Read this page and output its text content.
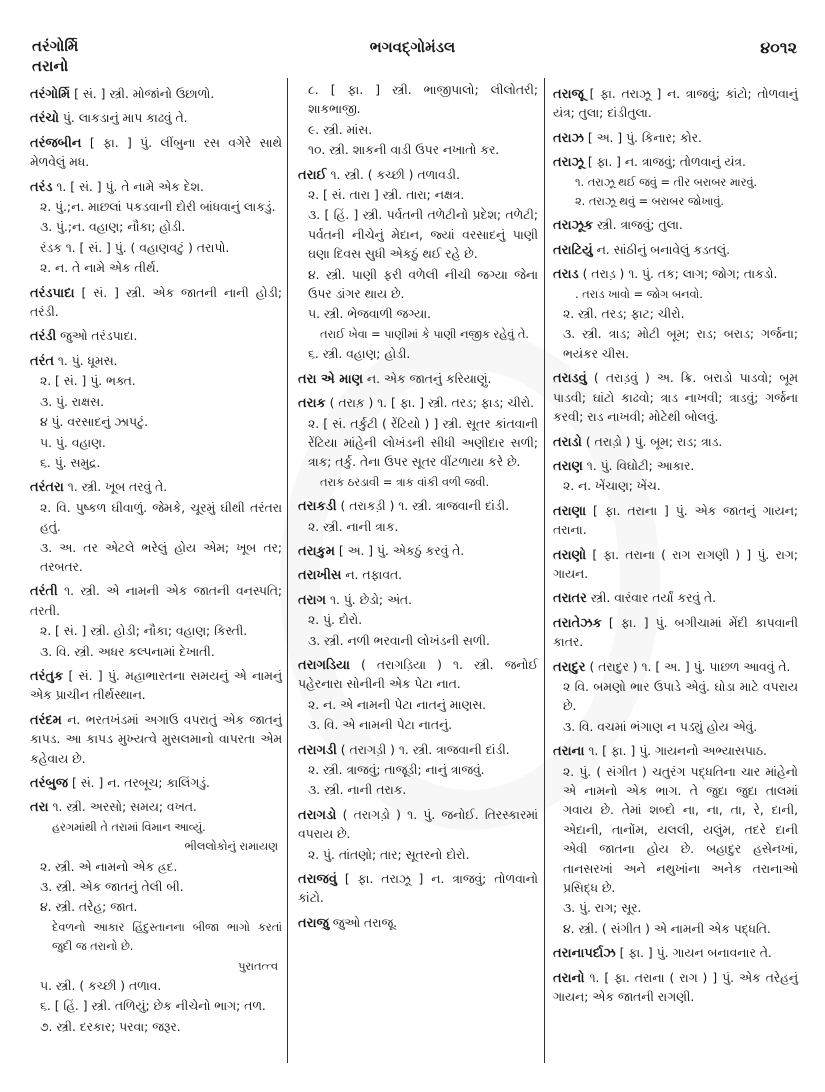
તરંગોર્મિ
તરાનો
ભગવદ્ગોમંડલ	૪૦૧૨
તરંગોર્મિ [ સં. ] સ્ત્રી. મોજાંનો ઉછાળો.
તરંચો પું. લાકડાનું માપ કાઢવું તે.
તરંજબીન [ ફા. ] પું. લીંબુના રસ વગેરે સાથે મેળવેલું મધ.
તરંડ ૧. [ સં. ] પું. તે નામે એક દેશ.
૨. પું.;ન. માછલાં પકડવાની દોરી બાંધવાનું લાકડું.
૩. પું.;ન. વહાણ; નૌકા; હોડી.
રંડક ૧. [ સં. ] પું. ( વહાણવટું ) તરાપો.
૨. ન. તે નામે એક તીર્થ.
તરંડપાદા [ સં. ] સ્ત્રી. એક જાતની નાની હોડી; તરંડી.
તરંડી જુઓ તરંડપાદા.
તરંત ૧. પું. ધૂમસ.
૨. [ સં. ] પું. ભક્ત.
૩. પું. રાક્ષસ.
૪ પું. વરસાદનું ઝાપટું.
૫. પું. વહાણ.
૬. પું. સમુદ્ર.
તરંતરા ૧. સ્ત્રી. ખૂબ તરવું તે.
૨. વિ. પુષ્કળ ઘીવાળું. જેમકે, ચૂરમું ઘીથી તરંતરા હતું.
૩. અ. તર એટલે ભરેલું હોય એમ; ખૂબ તર; તરબતર.
તરંતી ૧. સ્ત્રી. એ નામની એક જાતની વનસ્પતિ; તરતી.
૨. [ સં. ] સ્ત્રી. હોડી; નૌકા; વહાણ; કિસ્તી.
૩. વિ. સ્ત્રી. અધર કલ્પનામાં દેખાતી.
તરંતુક [ સં. ] પું. મહાભારતના સમયનું એ નામનું એક પ્રાચીન તીર્થસ્થાન.
તરંદમ ન. ભરતખંડમાં અગાઉ વપરાતું એક જાતનું કાપડ. આ કાપડ મુખ્યત્વે મુસલમાનો વાપરતા એમ કહેવાય છે.
તરંબુજ [ સં. ] ન. તરબૂચ; કાલિંગડું.
તરા ૧. સ્ત્રી. અરસો; સમય; વખત.
હરગમાંથી તે તરામાં વિમાન આવ્યું.
ભીલલોકોનું રામાયણ
૨. સ્ત્રી. એ નામનો એક હ્રદ.
૩. સ્ત્રી. એક જાતનું તેલી બી.
૪. સ્ત્રી. તરેહ; જાત.
દેવળનો આકાર હિંદુસ્તાનના બીજા ભાગો કરતાં જુદી જ તરાનો છે.
પુરાતત્ત્વ
૫. સ્ત્રી. ( કચ્છી ) તળાવ.
૬. [ હિં. ] સ્ત્રી. તળિયું; છેક નીચેનો ભાગ; તળ.
૭. સ્ત્રી. દરકાર; પરવા; જરૂર.
૮. [ ફા. ] સ્ત્રી. ભાજીપાલો; લીલોતરી; શાકભાજી.
૯. સ્ત્રી. માંસ.
૧૦. સ્ત્રી. શાકની વાડી ઉપર નખાતો કર.
તરાઈ ૧. સ્ત્રી. ( કચ્છી ) તળાવડી.
૨. [ સં. તારા ] સ્ત્રી. તારા; નક્ષત્ર.
૩. [ હિં. ] સ્ત્રી. પર્વતની તળેટીનો પ્રદેશ; તળેટી; પર્વતની નીચેનું મેદાન, જ્યાં વરસાદનું પાણી ઘણા દિવસ સુધી એકઠું થઈ રહે છે.
૪. સ્ત્રી. પાણી ફરી વળેલી નીચી જગ્યા જેના ઉપર ડાંગર થાય છે.
૫. સ્ત્રી. ભેજવાળી જગ્યા.
તરાઈ ખેવા = પાણીમાં કે પાણી નજીક રહેવું તે.
૬. સ્ત્રી. વહાણ; હોડી.
તરા એ માણ ન. એક જાતનું કરિયાણું.
તરાક ( તરાક઼ ) ૧. [ ફા. ] સ્ત્રી. તરડ; ફાડ; ચીરો.
૨. [ સં. તર્કુટી ( રેંટિયો ) ] સ્ત્રી. સૂતર કાંતવાની રેંટિયા માંહેની લોખંડની સીધી અણીદાર સળી; ત્રાક; તર્કુ. તેના ઉપર સૂતર વીંટળાયા કરે છે.
તરાક ઠરડાવી = ત્રાક વાંકી વળી જવી.
તરાકડી ( તરાકડ઼ી ) ૧. સ્ત્રી. ત્રાજવાની દાંડી.
૨. સ્ત્રી. નાની ત્રાક.
તરાકુમ [ અ. ] પું. એકઠું કરવું તે.
તરાખીસ ન. તફાવત.
તરાગ ૧. પું. છેડો; અંત.
૨. પું. દોરો.
૩. સ્ત્રી. નળી ભરવાની લોખંડની સળી.
તરાગડિયા ( તરાગડ઼િયા ) ૧. સ્ત્રી. જનોઈ પહેરનારા સોનીની એક પેટા નાત.
૨. ન. એ નામની પેટા નાતનું માણસ.
૩. વિ. એ નામની પેટા નાતનું.
તરાગડી ( તરાગડ઼ી ) ૧. સ્ત્રી. ત્રાજવાની દાંડી.
૨. સ્ત્રી. ત્રાજવું; તાજૂડી; નાનું ત્રાજવું.
૩. સ્ત્રી. નાની તરાક.
તરાગડો ( તરાગડ઼ો ) ૧. પું. જનોઈ. તિરસ્કારમાં વપરાય છે.
૨. પું. તાંતણો; તાર; સૂતરનો દોરો.
તરાજવું [ ફા. તરાઝૂ ] ન. ત્રાજવું; તોળવાનો કાંટો.
તરાજુ જુઓ તરાજૂ.
તરાજૂ [ ફા. તરાઝૂ ] ન. ત્રાજવું; કાંટો; તોળવાનું યંત્ર; તુલા; દાંડીતુલા.
તરાઝ [ અ. ] પું. કિનાર; કોર.
તરાઝૂ [ ફા. ] ન. ત્રાજવું; તોળવાનું યંત્ર.
૧. તરાઝૂ થઈ જવું = તીર બરાબર મારવું.
૨. તરાઝૂ થવું = બરાબર જોખાવું.
તરાઝૂક સ્ત્રી. ત્રાજવું; તુલા.
તરાટિયું ન. સાંઠીનું બનાવેલું કડતલું.
તરાડ ( તરાડ઼ ) ૧. પું. તક; લાગ; જોગ; તાકડો.
. તરાડ ખાવો = જોગ બનવો.
૨. સ્ત્રી. તરડ; ફાટ; ચીરો.
૩. સ્ત્રી. ત્રાડ; મોટી બૂમ; રાડ; બરાડ; ગર્જના; ભયંકર ચીસ.
તરાડવું ( તરાડ઼વું ) અ. ક્રિ. બરાડો પાડવો; બૂમ પાડવી; ઘાંટો કાઢવો; ત્રાડ નાખવી; ત્રાડવું; ગર્જના કરવી; રાડ નાખવી; મોટેથી બોલવું.
તરાડો ( તરાડ઼ો ) પું. બૂમ; રાડ; ત્રાડ.
તરાણ ૧. પું. વિઘોટી; આકાર.
૨. ન. ખેંચાણ; ખેંચ.
તરાણા [ ફા. તરાના ] પું. એક જાતનું ગાયન; તરાના.
તરાણો [ ફા. તરાના ( રાગ રાગણી ) ] પું. રાગ; ગાયન.
તરાતર સ્ત્રી. વારંવાર તર્યાં કરવું તે.
તરાતેઝક [ ફા. ] પું. બગીચામાં મેંદી કાપવાની કાતર.
તરાદુર ( તરાદુ઼ર ) ૧. [ અ. ] પું. પાછળ આવવું તે.
૨ વિ. બમણો ભાર ઉપાડે એવું. ઘોડા માટે વપરાય છે.
૩. વિ. વચમાં ભંગાણ ન પડ્યું હોય એવું.
તરાના ૧. [ ફા. ] પું. ગાયનનો અભ્યાસપાઠ.
૨. પું. ( સંગીત ) ચતુરંગ પદ્ધતિના ચાર માંહેનો એ નામનો એક ભાગ. તે જુદા જુદા તાલમાં ગવાય છે. તેમાં શબ્દો ના, ના, તા, રે, દાની, એદાની, તાનોંમ, યલલી, યલુંમ, તદરે દાની એવી જાતના હોય છે. બહાદુર હસેનખાં, તાનસરખાં અને નથુખાંના અનેક તરાનાઓ પ્રસિદ્ધ છે.
૩. પું. રાગ; સૂર.
૪. સ્ત્રી. ( સંગીત ) એ નામની એક પદ્ધતિ.
તરાનાપર્દાઝ [ ફા. ] પું. ગાયન બનાવનાર તે.
તરાનો ૧. [ ફા. તરાના ( રાગ ) ] પું. એક તરેહનું ગાયન; એક જાતની રાગણી.
